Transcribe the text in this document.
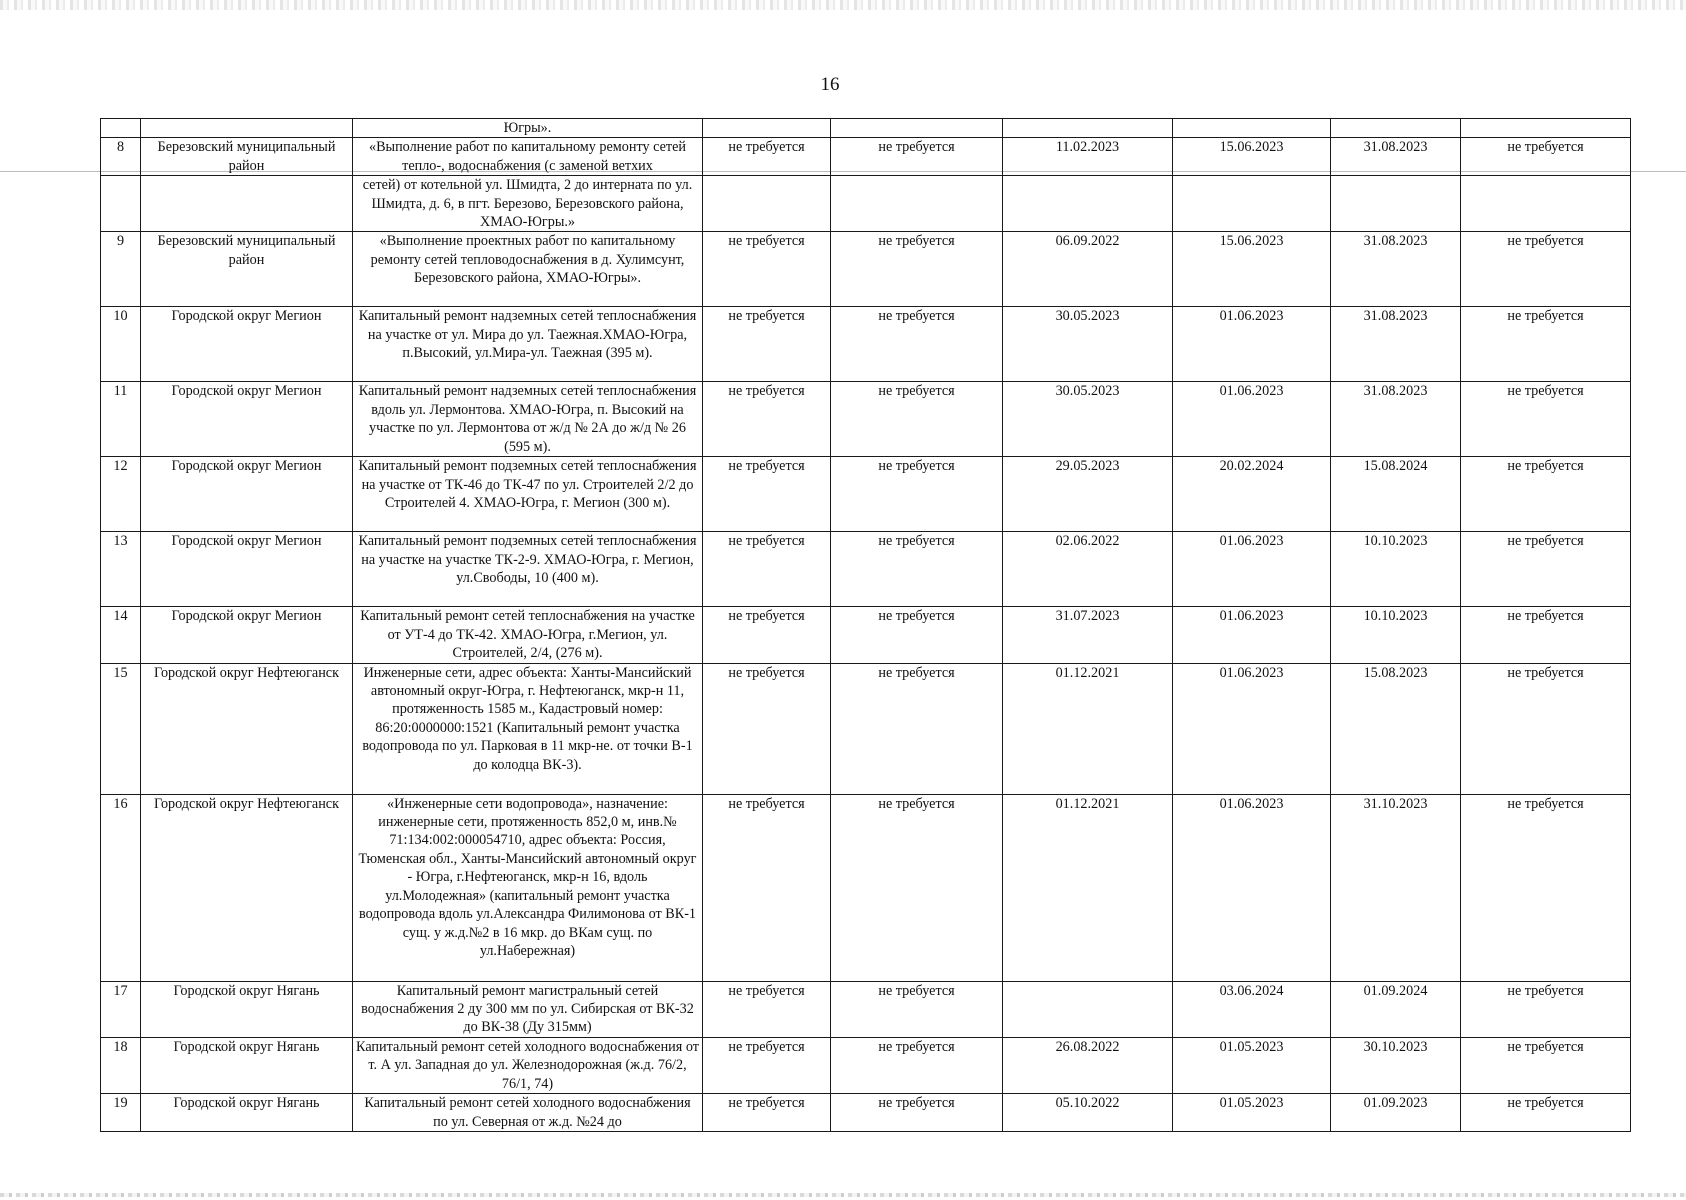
16
		Югры».						
8	Березовский муниципальный район	«Выполнение работ по капитальному ремонту сетей тепло-, водоснабжения (с заменой ветхих	не требуется	не требуется	11.02.2023	15.06.2023	31.08.2023	не требуется
		сетей) от котельной ул. Шмидта, 2 до интерната по ул. Шмидта, д. 6, в пгт. Березово, Березовского района, ХМАО-Югры.»						
9	Березовский муниципальный район	«Выполнение проектных работ по капитальному ремонту сетей тепловодоснабжения в д. Хулимсунт, Березовского района, ХМАО-Югры».	не требуется	не требуется	06.09.2022	15.06.2023	31.08.2023	не требуется
10	Городской округ Мегион	Капитальный ремонт надземных сетей теплоснабжения на участке от ул. Мира до ул. Таежная.ХМАО-Югра, п.Высокий, ул.Мира-ул. Таежная (395 м).	не требуется	не требуется	30.05.2023	01.06.2023	31.08.2023	не требуется
11	Городской округ Мегион	Капитальный ремонт надземных сетей теплоснабжения вдоль ул. Лермонтова. ХМАО-Югра, п. Высокий на участке по ул. Лермонтова от ж/д № 2А до ж/д № 26 (595 м).	не требуется	не требуется	30.05.2023	01.06.2023	31.08.2023	не требуется
12	Городской округ Мегион	Капитальный ремонт подземных сетей теплоснабжения на участке от ТК-46 до ТК-47 по ул. Строителей 2/2 до Строителей 4. ХМАО-Югра, г. Мегион (300 м).	не требуется	не требуется	29.05.2023	20.02.2024	15.08.2024	не требуется
13	Городской округ Мегион	Капитальный ремонт подземных сетей теплоснабжения на участке на участке ТК-2-9. ХМАО-Югра, г. Мегион, ул.Свободы, 10 (400 м).	не требуется	не требуется	02.06.2022	01.06.2023	10.10.2023	не требуется
14	Городской округ Мегион	Капитальный ремонт сетей теплоснабжения на участке от УТ-4 до ТК-42. ХМАО-Югра, г.Мегион, ул. Строителей, 2/4, (276 м).	не требуется	не требуется	31.07.2023	01.06.2023	10.10.2023	не требуется
15	Городской округ Нефтеюганск	Инженерные сети, адрес объекта: Ханты-Мансийский автономный округ-Югра, г. Нефтеюганск, мкр-н 11, протяженность 1585 м., Кадастровый номер: 86:20:0000000:1521 (Капитальный ремонт участка водопровода по ул. Парковая в 11 мкр-не. от точки В-1 до колодца ВК-3).	не требуется	не требуется	01.12.2021	01.06.2023	15.08.2023	не требуется
16	Городской округ Нефтеюганск	«Инженерные сети водопровода», назначение: инженерные сети, протяженность 852,0 м, инв.№ 71:134:002:000054710, адрес объекта: Россия, Тюменская обл., Ханты-Мансийский автономный округ - Югра, г.Нефтеюганск, мкр-н 16, вдоль ул.Молодежная» (капитальный ремонт участка водопровода вдоль ул.Александра Филимонова от ВК-1 сущ. у ж.д.№2 в 16 мкр. до ВКам сущ. по ул.Набережная)	не требуется	не требуется	01.12.2021	01.06.2023	31.10.2023	не требуется
17	Городской округ Нягань	Капитальный ремонт магистральный сетей водоснабжения 2 ду 300 мм по ул. Сибирская от ВК-32 до ВК-38 (Ду 315мм)	не требуется	не требуется		03.06.2024	01.09.2024	не требуется
18	Городской округ Нягань	Капитальный ремонт сетей холодного водоснабжения от т. А ул. Западная до ул. Железнодорожная (ж.д. 76/2, 76/1, 74)	не требуется	не требуется	26.08.2022	01.05.2023	30.10.2023	не требуется
19	Городской округ Нягань	Капитальный ремонт сетей холодного водоснабжения по ул. Северная от ж.д. №24 до	не требуется	не требуется	05.10.2022	01.05.2023	01.09.2023	не требуется
